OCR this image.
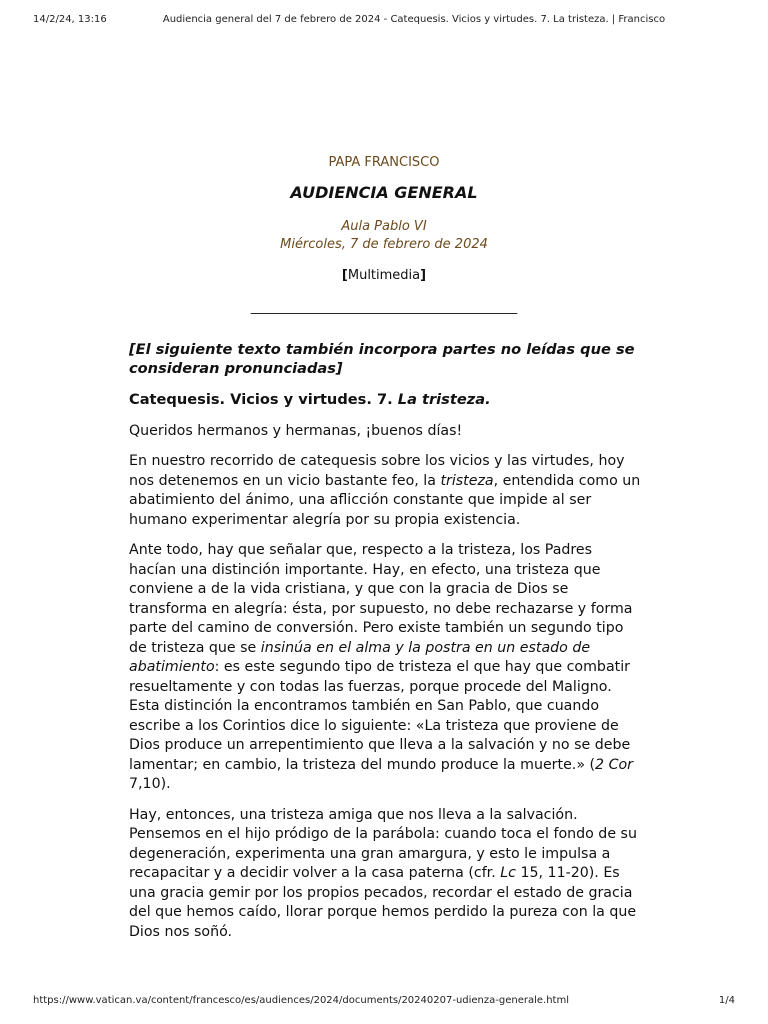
14/2/24, 13:16	Audiencia general del 7 de febrero de 2024 - Catequesis. Vicios y virtudes. 7. La tristeza. | Francisco
PAPA FRANCISCO
AUDIENCIA GENERAL
Aula Pablo VI
Miércoles, 7 de febrero de 2024
[Multimedia]
_________________________________________

[El siguiente texto también incorpora partes no leídas que se consideran pronunciadas]

Catequesis. Vicios y virtudes. 7. La tristeza.

Queridos hermanos y hermanas, ¡buenos días!

En nuestro recorrido de catequesis sobre los vicios y las virtudes, hoy nos detenemos en un vicio bastante feo, la tristeza, entendida como un abatimiento del ánimo, una aflicción constante que impide al ser humano experimentar alegría por su propia existencia.

Ante todo, hay que señalar que, respecto a la tristeza, los Padres hacían una distinción importante. Hay, en efecto, una tristeza que conviene a de la vida cristiana, y que con la gracia de Dios se transforma en alegría: ésta, por supuesto, no debe rechazarse y forma parte del camino de conversión. Pero existe también un segundo tipo de tristeza que se insinúa en el alma y la postra en un estado de abatimiento: es este segundo tipo de tristeza el que hay que combatir resueltamente y con todas las fuerzas, porque procede del Maligno. Esta distinción la encontramos también en San Pablo, que cuando escribe a los Corintios dice lo siguiente: «La tristeza que proviene de Dios produce un arrepentimiento que lleva a la salvación y no se debe lamentar; en cambio, la tristeza del mundo produce la muerte.» (2 Cor 7,10).

Hay, entonces, una tristeza amiga que nos lleva a la salvación. Pensemos en el hijo pródigo de la parábola: cuando toca el fondo de su degeneración, experimenta una gran amargura, y esto le impulsa a recapacitar y a decidir volver a la casa paterna (cfr. Lc 15, 11-20). Es una gracia gemir por los propios pecados, recordar el estado de gracia del que hemos caído, llorar porque hemos perdido la pureza con la que Dios nos soñó.

https://www.vatican.va/content/francesco/es/audiences/2024/documents/20240207-udienza-generale.html	1/4
